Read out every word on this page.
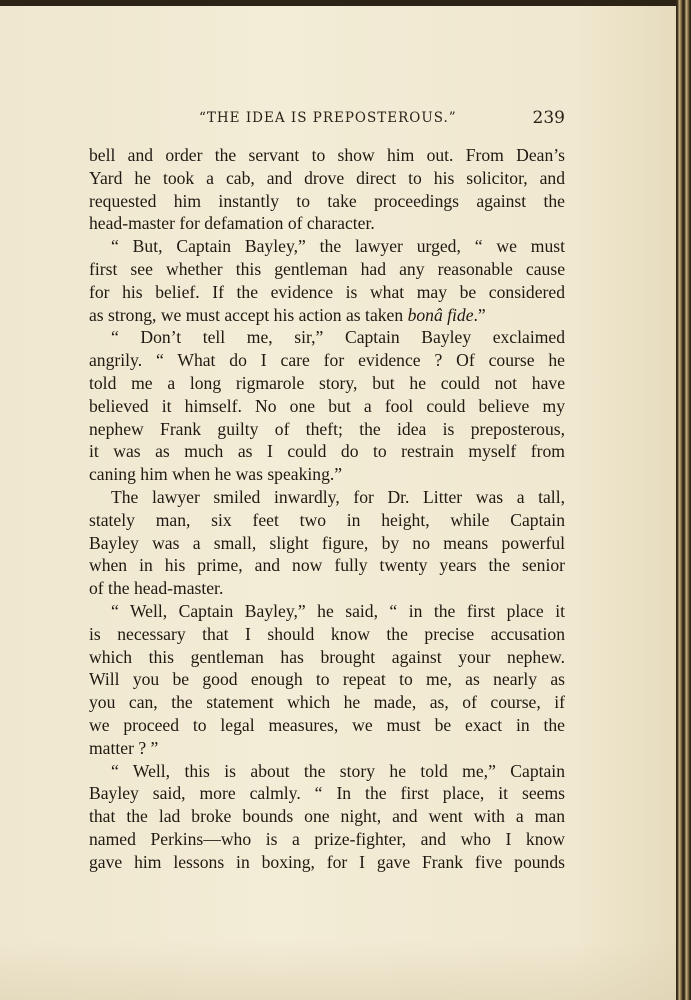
“THE IDEA IS PREPOSTEROUS.”	239
bell and order the servant to show him out. From Dean’s
Yard he took a cab, and drove direct to his solicitor, and
requested him instantly to take proceedings against the
head-master for defamation of character.
“ But, Captain Bayley,” the lawyer urged, “ we must
first see whether this gentleman had any reasonable cause
for his belief. If the evidence is what may be considered
as strong, we must accept his action as taken bonâ fide.”
“ Don’t tell me, sir,” Captain Bayley exclaimed
angrily. “ What do I care for evidence ? Of course he
told me a long rigmarole story, but he could not have
believed it himself. No one but a fool could believe my
nephew Frank guilty of theft; the idea is preposterous,
it was as much as I could do to restrain myself from
caning him when he was speaking.”
The lawyer smiled inwardly, for Dr. Litter was a tall,
stately man, six feet two in height, while Captain
Bayley was a small, slight figure, by no means powerful
when in his prime, and now fully twenty years the senior
of the head-master.
“ Well, Captain Bayley,” he said, “ in the first place it
is necessary that I should know the precise accusation
which this gentleman has brought against your nephew.
Will you be good enough to repeat to me, as nearly as
you can, the statement which he made, as, of course, if
we proceed to legal measures, we must be exact in the
matter ? ”
“ Well, this is about the story he told me,” Captain
Bayley said, more calmly. “ In the first place, it seems
that the lad broke bounds one night, and went with a man
named Perkins—who is a prize-fighter, and who I know
gave him lessons in boxing, for I gave Frank five pounds
